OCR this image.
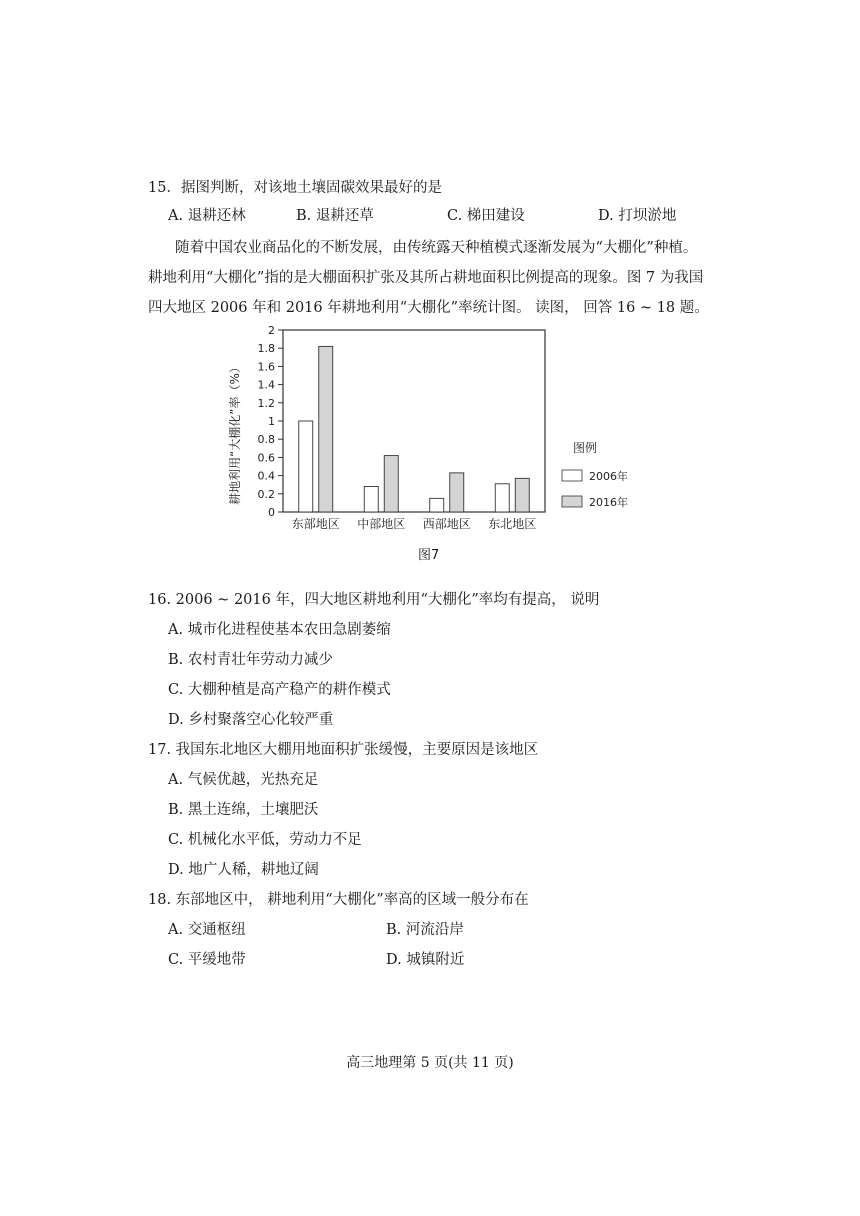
15．据图判断，对该地土壤固碳效果最好的是
A. 退耕还林	B. 退耕还草	C. 梯田建设	D. 打坝淤地
随着中国农业商品化的不断发展，由传统露天种植模式逐渐发展为“大棚化”种植。
耕地利用“大棚化”指的是大棚面积扩张及其所占耕地面积比例提高的现象。图 7 为我国
四大地区 2006 年和 2016 年耕地利用“大棚化”率统计图。 读图， 回答 16 ~ 18 题。
耕地利用“大棚化”率（%）
0
0.2
0.4
0.6
0.8
1
1.2
1.4
1.6
1.8
2
东部地区 中部地区 西部地区 东北地区
图例
2006年
2016年
图7
16. 2006 ~ 2016 年，四大地区耕地利用“大棚化”率均有提高， 说明
A. 城市化进程使基本农田急剧萎缩
B. 农村青壮年劳动力减少
C. 大棚种植是高产稳产的耕作模式
D. 乡村聚落空心化较严重
17. 我国东北地区大棚用地面积扩张缓慢，主要原因是该地区
A. 气候优越，光热充足
B. 黑土连绵，土壤肥沃
C. 机械化水平低，劳动力不足
D. 地广人稀，耕地辽阔
18. 东部地区中， 耕地利用“大棚化”率高的区域一般分布在
A. 交通枢纽	B. 河流沿岸
C. 平缓地带	D. 城镇附近
高三地理第 5 页(共 11 页)
